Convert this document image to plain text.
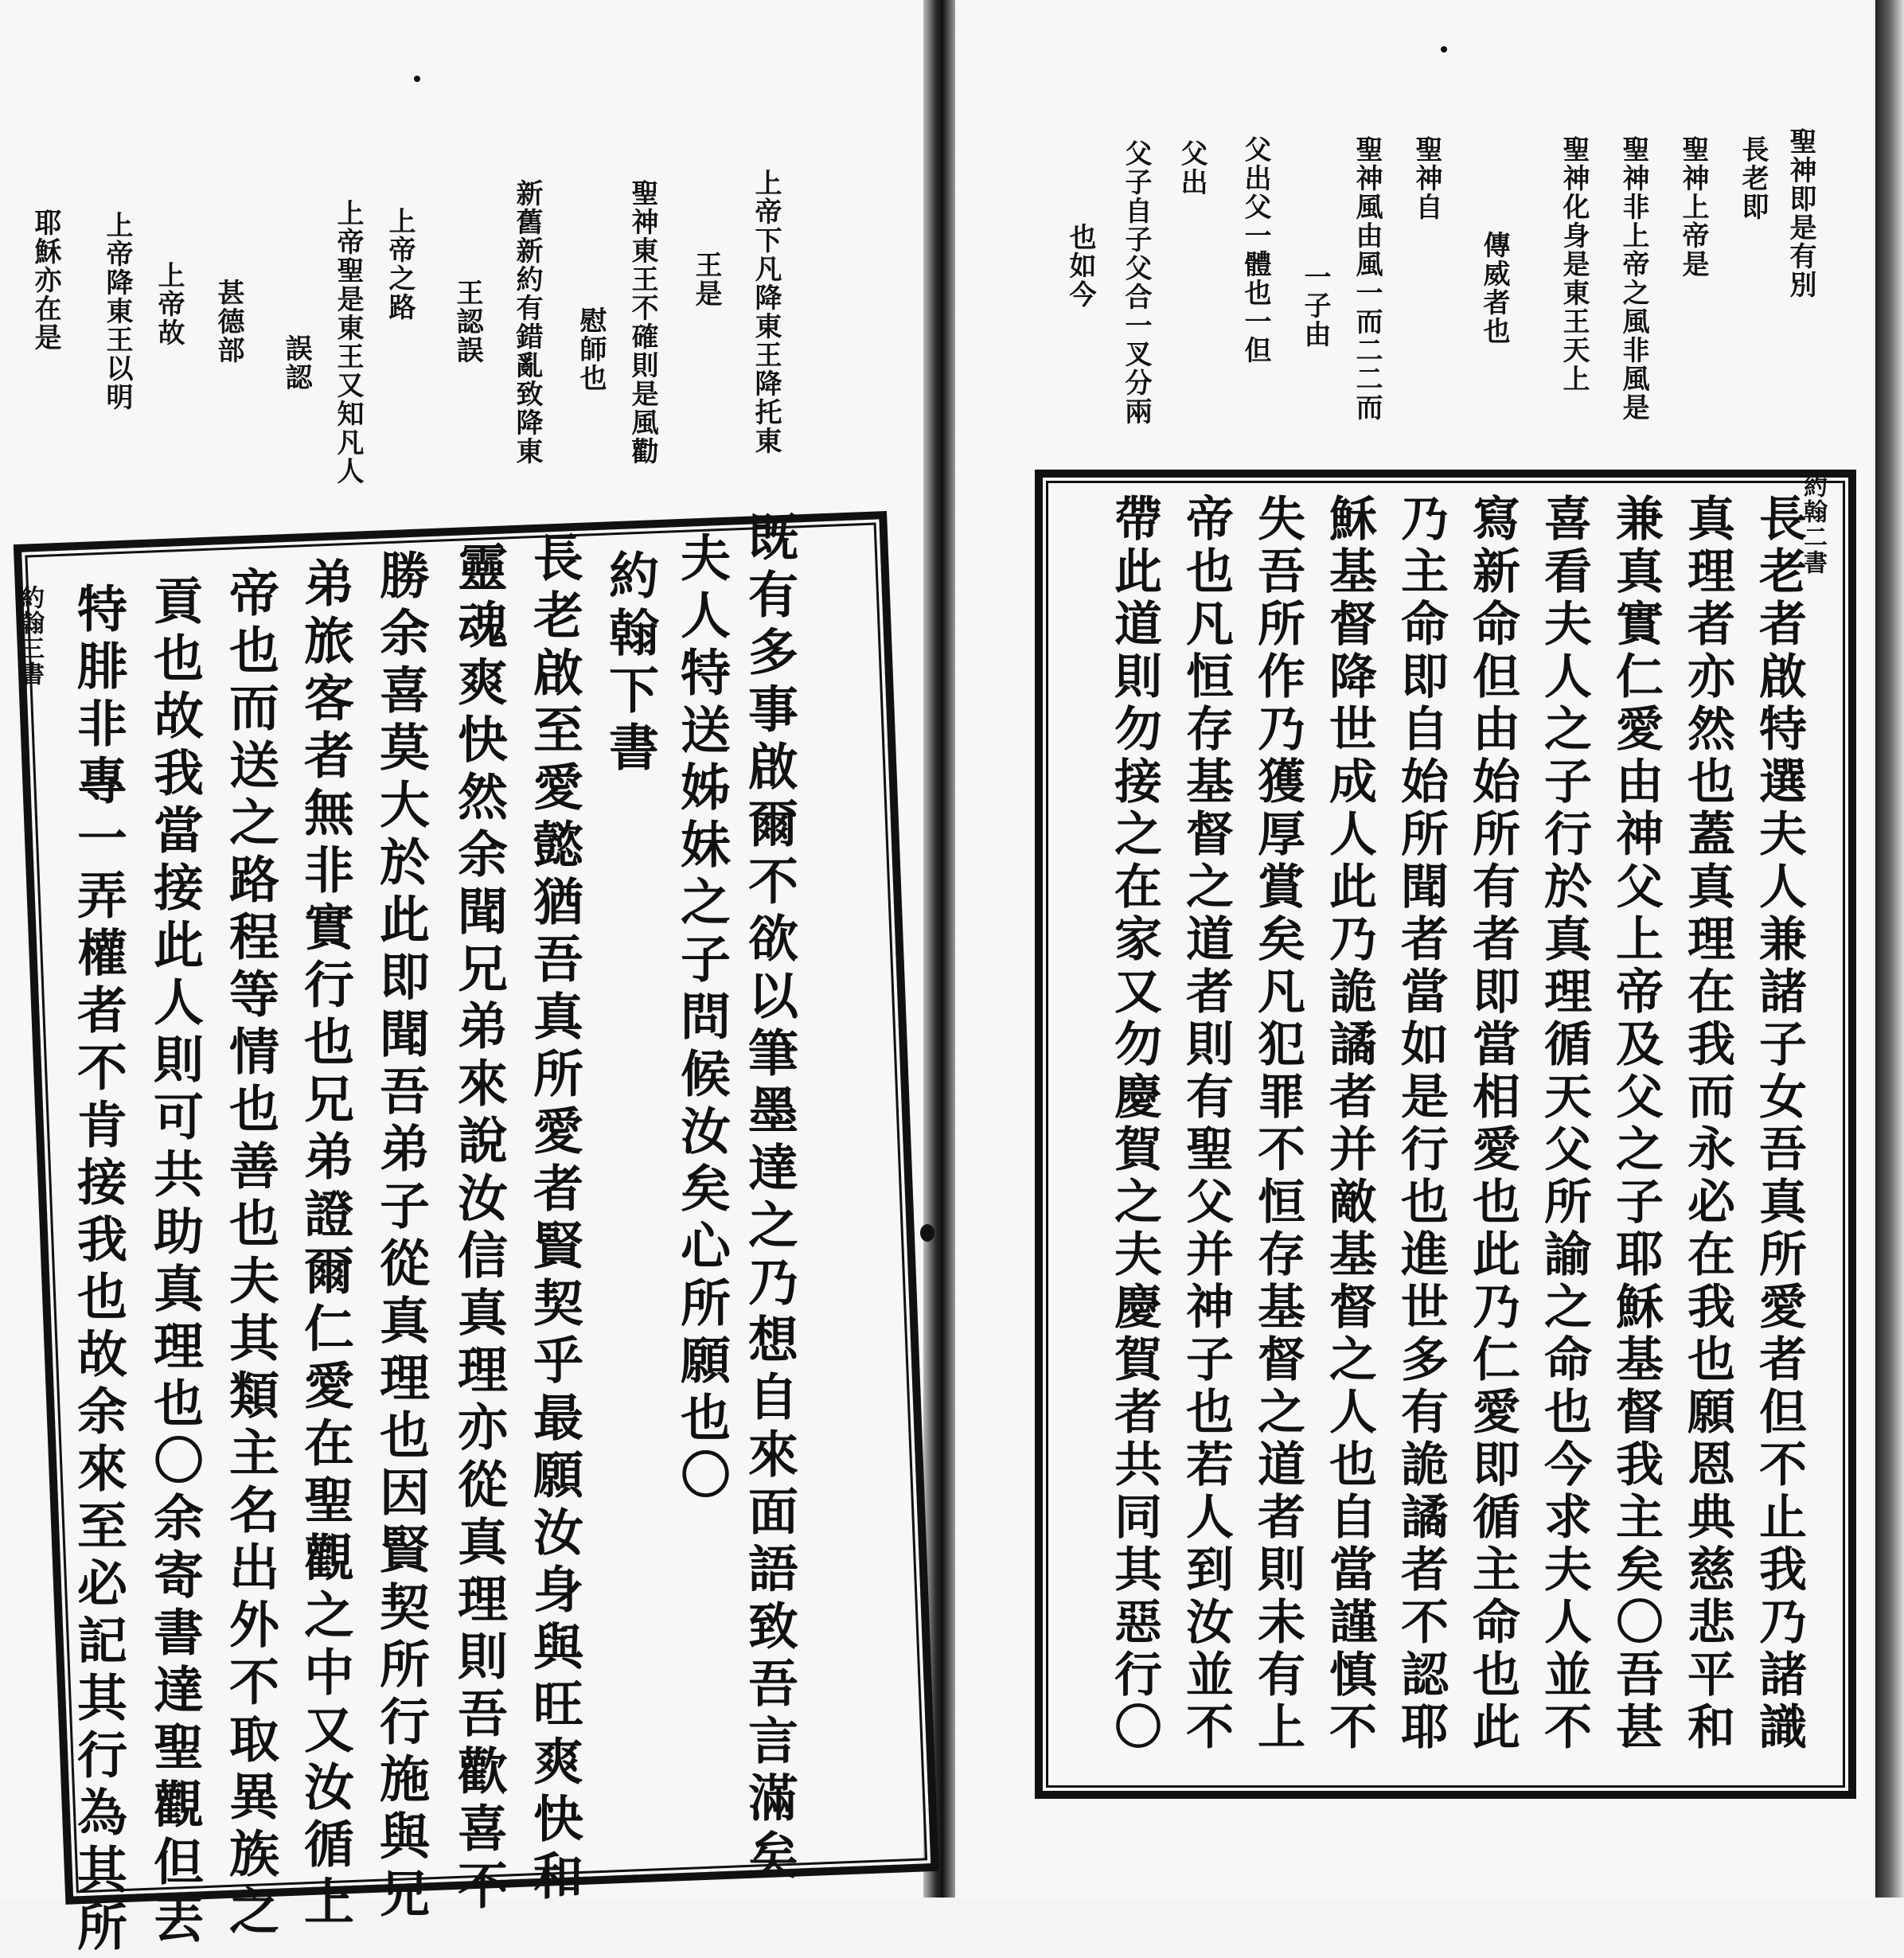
上帝下凡降東王降托東
王是
聖神東王不確則是風勸
慰師也
新舊新約有錯亂致降東
王認誤
上帝聖是東王又知凡人
誤認
上帝之路
甚德部
上帝故
上帝降東王以明
耶穌亦在是
既有多事啟爾不欲以筆墨達之乃想自來面語致吾言滿矣
夫人特送姊妹之子問候汝矣心所願也〇
約翰下書
長老啟至愛懿猶吾真所愛者賢契乎最願汝身與旺爽快和
靈魂爽快然余聞兄弟來說汝信真理亦從真理則吾歡喜不
勝余喜莫大於此即聞吾弟子從真理也因賢契所行施與兄
弟旅客者無非實行也兄弟證爾仁愛在聖觀之中又汝循上
帝也而送之路程等情也善也夫其類主名出外不取異族之
貢也故我當接此人則可共助真理也〇余寄書達聖觀但丟
特腓非專一弄權者不肯接我也故余來至必記其行為其所
約翰三書
聖神即是有別
長老即
聖神上帝是
聖神非上帝之風非風是
聖神化身是東王天上
傳威者也
聖神自
聖神風由風一而二二而
一子由
父出父一體也一但
父出
父子自子父合一叉分兩
也如今
約翰二書
長老者啟特選夫人兼諸子女吾真所愛者但不止我乃諸識
真理者亦然也蓋真理在我而永必在我也願恩典慈悲平和
兼真實仁愛由神父上帝及父之子耶穌基督我主矣〇吾甚
喜看夫人之子行於真理循天父所諭之命也今求夫人並不
寫新命但由始所有者即當相愛也此乃仁愛即循主命也此
乃主命即自始所聞者當如是行也進世多有詭譎者不認耶
穌基督降世成人此乃詭譎者并敵基督之人也自當謹慎不
失吾所作乃獲厚賞矣凡犯罪不恒存基督之道者則未有上
帝也凡恒存基督之道者則有聖父并神子也若人到汝並不
帶此道則勿接之在家又勿慶賀之夫慶賀者共同其惡行〇
